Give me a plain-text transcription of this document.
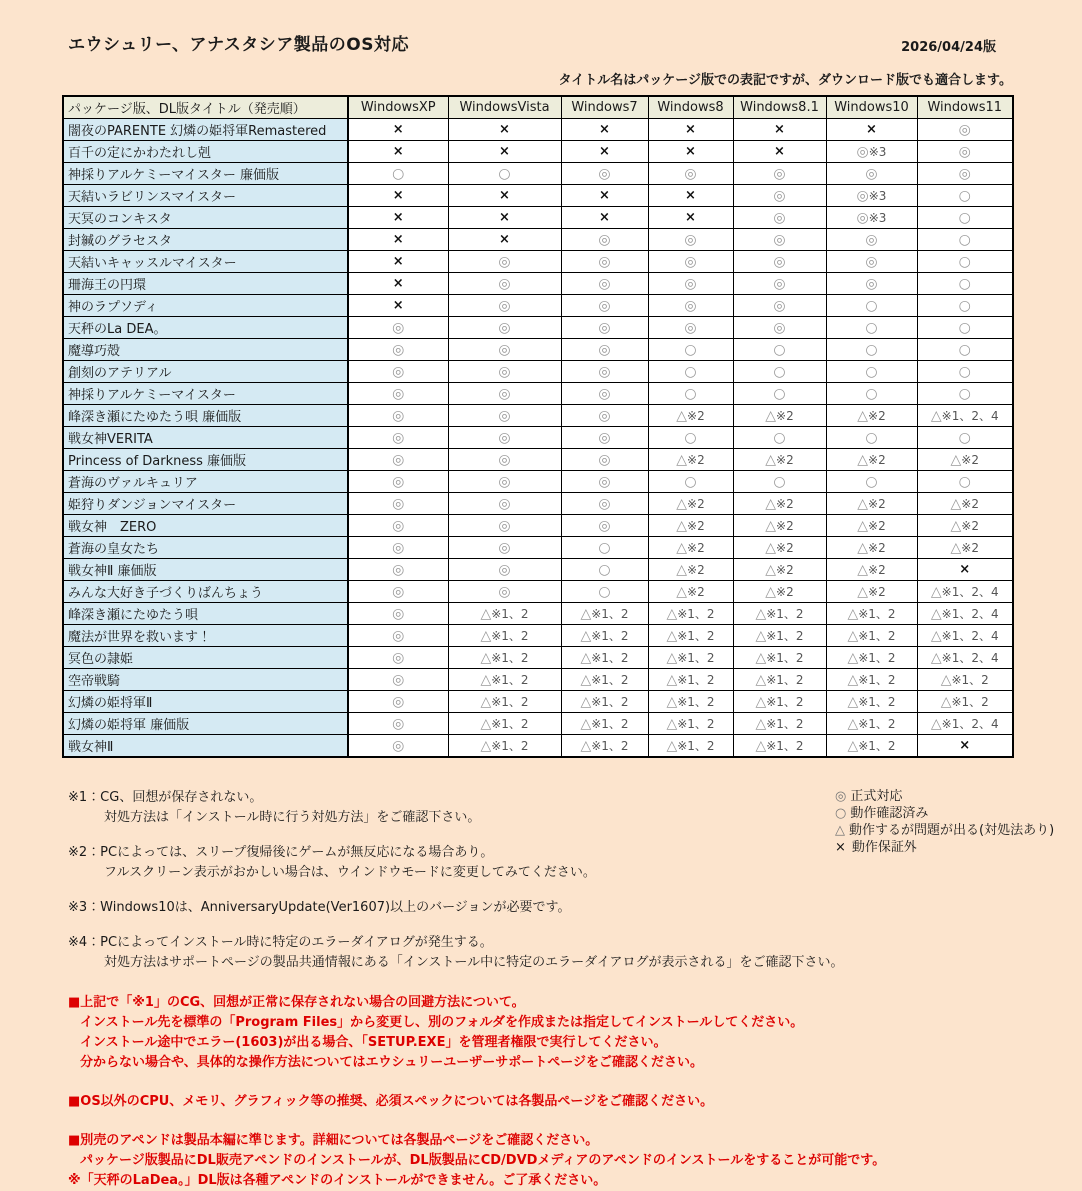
エウシュリー、アナスタシア製品のOS対応	2026/04/24版
タイトル名はパッケージ版での表記ですが、ダウンロード版でも適合します。
パッケージ版、DL版タイトル（発売順）	WindowsXP	WindowsVista	Windows7	Windows8	Windows8.1	Windows10	Windows11
闇夜のPARENTE 幻燐の姫将軍Remastered	×	×	×	×	×	×	◎
百千の定にかわたれし剋	×	×	×	×	×	◎※3	◎
神採りアルケミーマイスター 廉価版	○	○	◎	◎	◎	◎	◎
天結いラビリンスマイスター	×	×	×	×	◎	◎※3	○
天冥のコンキスタ	×	×	×	×	◎	◎※3	○
封緘のグラセスタ	×	×	◎	◎	◎	◎	○
天結いキャッスルマイスター	×	◎	◎	◎	◎	◎	○
珊海王の円環	×	◎	◎	◎	◎	◎	○
神のラプソディ	×	◎	◎	◎	◎	○	○
天秤のLa DEA。	◎	◎	◎	◎	◎	○	○
魔導巧殻	◎	◎	◎	○	○	○	○
創刻のアテリアル	◎	◎	◎	○	○	○	○
神採りアルケミーマイスター	◎	◎	◎	○	○	○	○
峰深き瀬にたゆたう唄 廉価版	◎	◎	◎	△※2	△※2	△※2	△※1、2、4
戦女神VERITA	◎	◎	◎	○	○	○	○
Princess of Darkness 廉価版	◎	◎	◎	△※2	△※2	△※2	△※2
蒼海のヴァルキュリア	◎	◎	◎	○	○	○	○
姫狩りダンジョンマイスター	◎	◎	◎	△※2	△※2	△※2	△※2
戦女神　ZERO	◎	◎	◎	△※2	△※2	△※2	△※2
蒼海の皇女たち	◎	◎	○	△※2	△※2	△※2	△※2
戦女神Ⅱ 廉価版	◎	◎	○	△※2	△※2	△※2	×
みんな大好き子づくりばんちょう	◎	◎	○	△※2	△※2	△※2	△※1、2、4
峰深き瀬にたゆたう唄	◎	△※1、2	△※1、2	△※1、2	△※1、2	△※1、2	△※1、2、4
魔法が世界を救います！	◎	△※1、2	△※1、2	△※1、2	△※1、2	△※1、2	△※1、2、4
冥色の隷姫	◎	△※1、2	△※1、2	△※1、2	△※1、2	△※1、2	△※1、2、4
空帝戦騎	◎	△※1、2	△※1、2	△※1、2	△※1、2	△※1、2	△※1、2
幻燐の姫将軍Ⅱ	◎	△※1、2	△※1、2	△※1、2	△※1、2	△※1、2	△※1、2
幻燐の姫将軍 廉価版	◎	△※1、2	△※1、2	△※1、2	△※1、2	△※1、2	△※1、2、4
戦女神Ⅱ	◎	△※1、2	△※1、2	△※1、2	△※1、2	△※1、2	×
※1：CG、回想が保存されない。
対処方法は「インストール時に行う対処方法」をご確認下さい。
※2：PCによっては、スリープ復帰後にゲームが無反応になる場合あり。
フルスクリーン表示がおかしい場合は、ウインドウモードに変更してみてください。
※3：Windows10は、AnniversaryUpdate(Ver1607)以上のバージョンが必要です。
※4：PCによってインストール時に特定のエラーダイアログが発生する。
対処方法はサポートページの製品共通情報にある「インストール中に特定のエラーダイアログが表示される」をご確認下さい。
◎ 正式対応
○ 動作確認済み
△ 動作するが問題が出る(対処法あり)
× 動作保証外
■上記で「※1」のCG、回想が正常に保存されない場合の回避方法について。
インストール先を標準の「Program Files」から変更し、別のフォルダを作成または指定してインストールしてください。
インストール途中でエラー(1603)が出る場合、「SETUP.EXE」を管理者権限で実行してください。
分からない場合や、具体的な操作方法についてはエウシュリーユーザーサポートページをご確認ください。
■OS以外のCPU、メモリ、グラフィック等の推奨、必須スペックについては各製品ページをご確認ください。
■別売のアペンドは製品本編に準じます。詳細については各製品ページをご確認ください。
パッケージ版製品にDL販売アペンドのインストールが、DL版製品にCD/DVDメディアのアペンドのインストールをすることが可能です。
※「天秤のLaDea。」DL版は各種アペンドのインストールができません。ご了承ください。
